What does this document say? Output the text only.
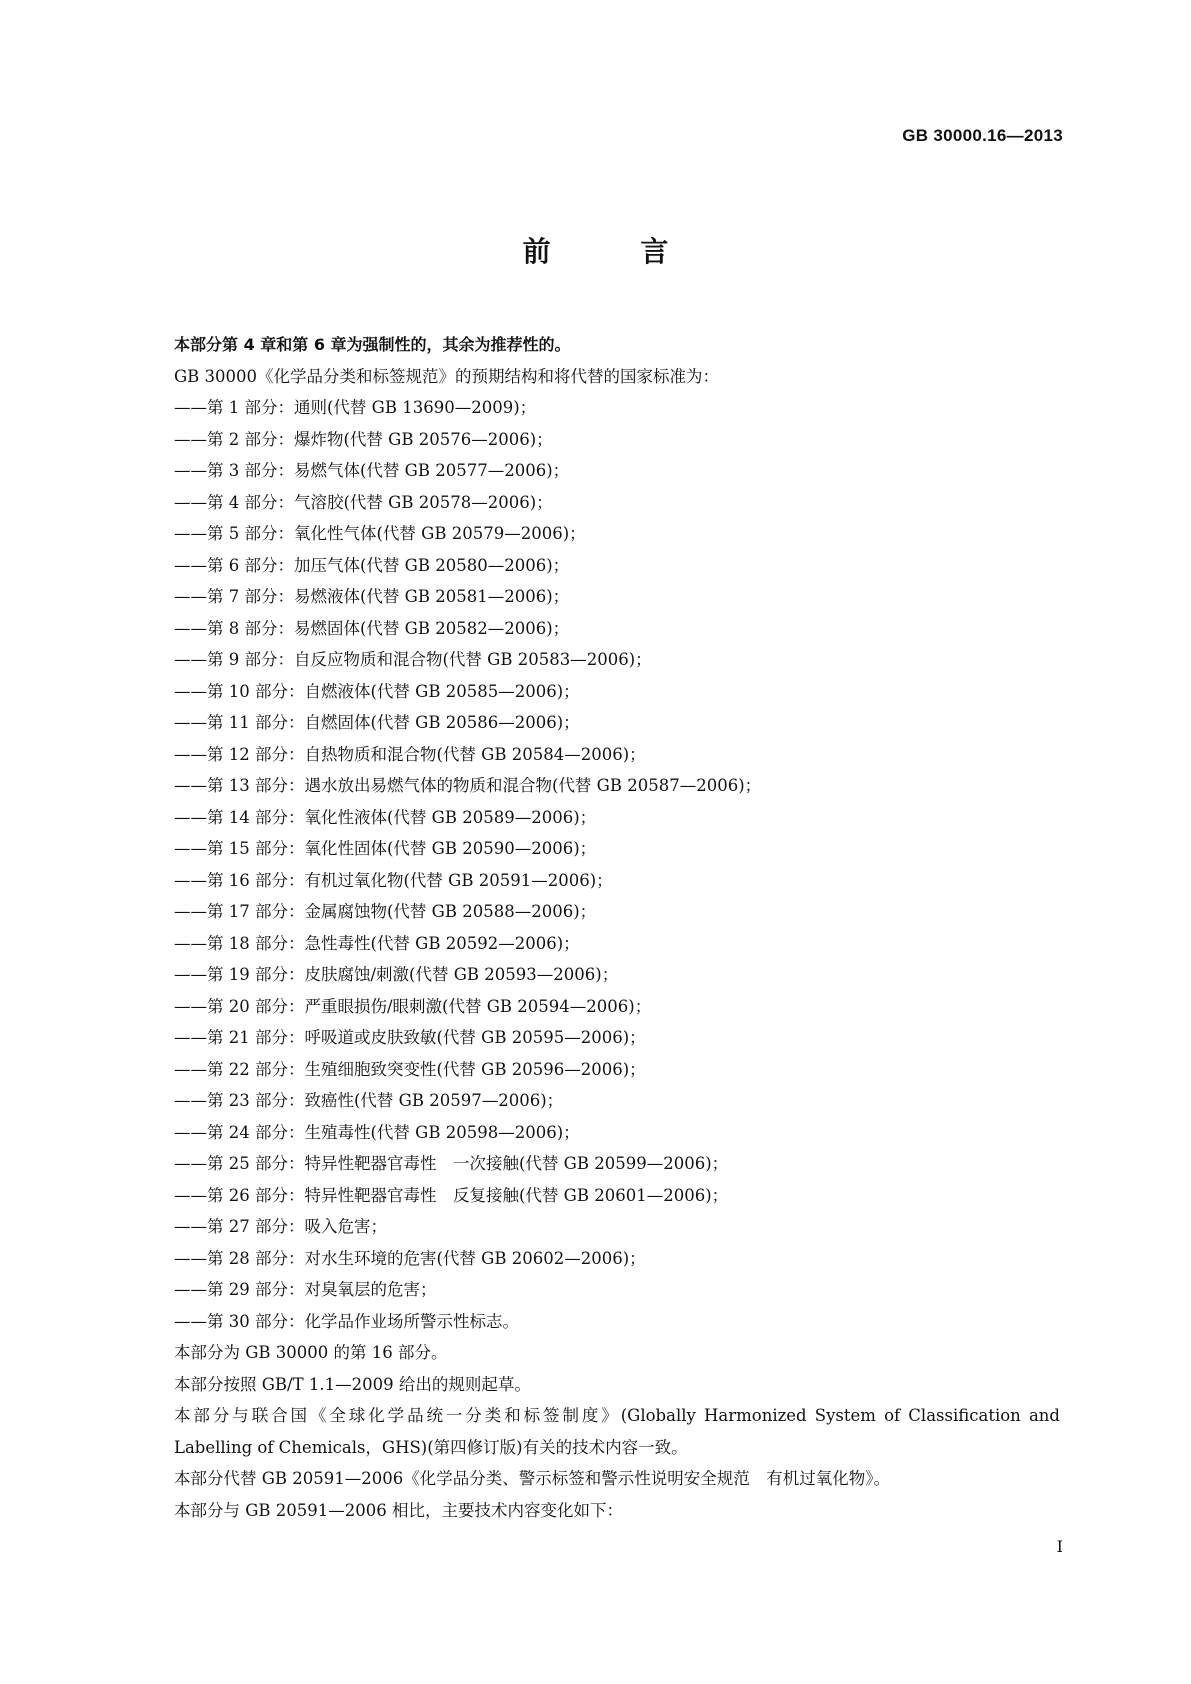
GB 30000.16—2013
前 言
本部分第 4 章和第 6 章为强制性的，其余为推荐性的。
GB 30000《化学品分类和标签规范》的预期结构和将代替的国家标准为：
——第 1 部分：通则(代替 GB 13690—2009)；
——第 2 部分：爆炸物(代替 GB 20576—2006)；
——第 3 部分：易燃气体(代替 GB 20577—2006)；
——第 4 部分：气溶胶(代替 GB 20578—2006)；
——第 5 部分：氧化性气体(代替 GB 20579—2006)；
——第 6 部分：加压气体(代替 GB 20580—2006)；
——第 7 部分：易燃液体(代替 GB 20581—2006)；
——第 8 部分：易燃固体(代替 GB 20582—2006)；
——第 9 部分：自反应物质和混合物(代替 GB 20583—2006)；
——第 10 部分：自燃液体(代替 GB 20585—2006)；
——第 11 部分：自燃固体(代替 GB 20586—2006)；
——第 12 部分：自热物质和混合物(代替 GB 20584—2006)；
——第 13 部分：遇水放出易燃气体的物质和混合物(代替 GB 20587—2006)；
——第 14 部分：氧化性液体(代替 GB 20589—2006)；
——第 15 部分：氧化性固体(代替 GB 20590—2006)；
——第 16 部分：有机过氧化物(代替 GB 20591—2006)；
——第 17 部分：金属腐蚀物(代替 GB 20588—2006)；
——第 18 部分：急性毒性(代替 GB 20592—2006)；
——第 19 部分：皮肤腐蚀/刺激(代替 GB 20593—2006)；
——第 20 部分：严重眼损伤/眼刺激(代替 GB 20594—2006)；
——第 21 部分：呼吸道或皮肤致敏(代替 GB 20595—2006)；
——第 22 部分：生殖细胞致突变性(代替 GB 20596—2006)；
——第 23 部分：致癌性(代替 GB 20597—2006)；
——第 24 部分：生殖毒性(代替 GB 20598—2006)；
——第 25 部分：特异性靶器官毒性　一次接触(代替 GB 20599—2006)；
——第 26 部分：特异性靶器官毒性　反复接触(代替 GB 20601—2006)；
——第 27 部分：吸入危害；
——第 28 部分：对水生环境的危害(代替 GB 20602—2006)；
——第 29 部分：对臭氧层的危害；
——第 30 部分：化学品作业场所警示性标志。
本部分为 GB 30000 的第 16 部分。
本部分按照 GB/T 1.1—2009 给出的规则起草。
本部分与联合国《全球化学品统一分类和标签制度》(Globally Harmonized System of Classification and Labelling of Chemicals，GHS)(第四修订版)有关的技术内容一致。
本部分代替 GB 20591—2006《化学品分类、警示标签和警示性说明安全规范　有机过氧化物》。
本部分与 GB 20591—2006 相比，主要技术内容变化如下：
I
